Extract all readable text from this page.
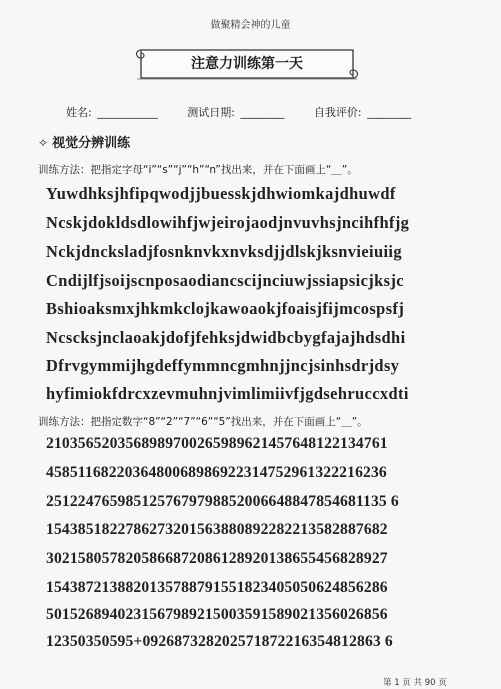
做聚精会神的儿童
注意力训练第一天
姓名: ___________	测试日期: ________	自我评价: ________
✧ 视觉分辨训练
训练方法：把指定字母“i”“s”“j”“h”“n”找出来，并在下面画上“＿”。
Yuwdhksjhfipqwodjjbuesskjdhwiomkajdhuwdf
Ncskjdokldsdlowihfjwjeirojaodjnvuvhsjncihfhfjg
Nckjdncksladjfosnknvkxnvksdjjdlskjksnvieiuiig
Cndijlfjsoijscnposaodiancscijnciuwjssiapsicjksjc
Bshioaksmxjhkmkclojkawoaokjfoaisjfijmcospsfj
Ncscksjnclaoakjdofjfehksjdwidbcbygfajajhdsdhi
Dfrvgymmijhgdeffymmncgmhnjjncjsinhsdrjdsy
hyfimiokfdrcxzevmuhnjvimlimiivfjgdsehruccxdti
训练方法：把指定数字“8”“2”“7”“6”“5”找出来，并在下面画上“＿”。
2103565203568989700265989621457648122134761
4585116822036480068986922314752961322216236
2512247659851257679798852006648847854681135 6
1543851822786273201563880892282213582887682
3021580578205866872086128920138655456828927
1543872138820135788791551823405050624856286
5015268940231567989215003591589021356026856
12350350595+092687328202571872216354812863 6
第 1 页 共 90 页
